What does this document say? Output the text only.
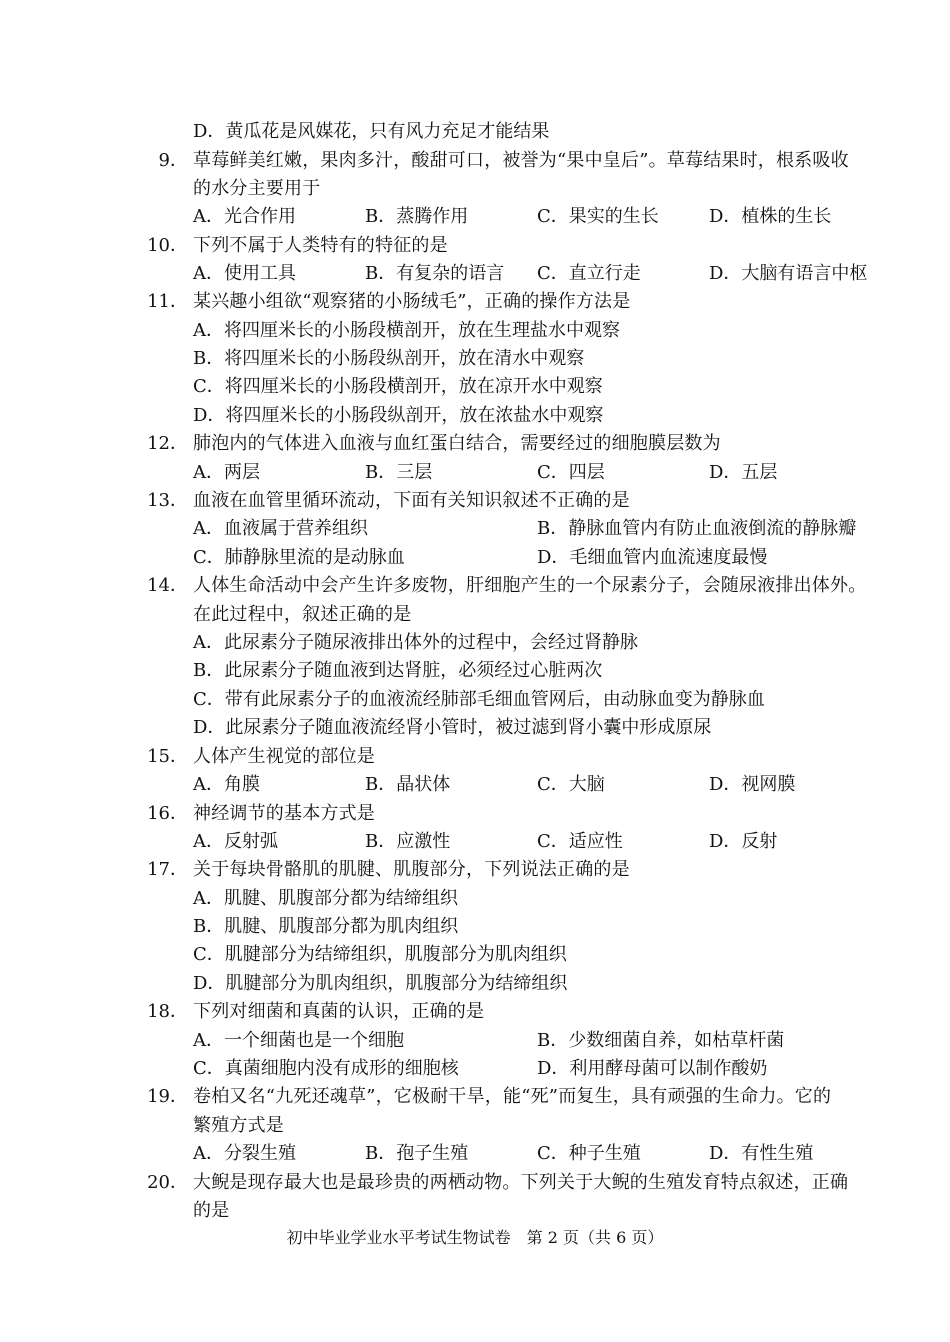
D．黄瓜花是风媒花，只有风力充足才能结果
9． 草莓鲜美红嫩，果肉多汁，酸甜可口，被誉为“果中皇后”。草莓结果时，根系吸收
的水分主要用于
A．光合作用	B．蒸腾作用	C．果实的生长	D．植株的生长
10． 下列不属于人类特有的特征的是
A．使用工具	B．有复杂的语言 C．直立行走	D．大脑有语言中枢
11． 某兴趣小组欲“观察猪的小肠绒毛”，正确的操作方法是
A．将四厘米长的小肠段横剖开，放在生理盐水中观察
B．将四厘米长的小肠段纵剖开，放在清水中观察
C．将四厘米长的小肠段横剖开，放在凉开水中观察
D．将四厘米长的小肠段纵剖开，放在浓盐水中观察
12． 肺泡内的气体进入血液与血红蛋白结合，需要经过的细胞膜层数为
A．两层	B．三层	C．四层	D．五层
13． 血液在血管里循环流动，下面有关知识叙述不正确的是
A．血液属于营养组织	B．静脉血管内有防止血液倒流的静脉瓣
C．肺静脉里流的是动脉血	D．毛细血管内血流速度最慢
14． 人体生命活动中会产生许多废物，肝细胞产生的一个尿素分子，会随尿液排出体外。
在此过程中，叙述正确的是
A．此尿素分子随尿液排出体外的过程中，会经过肾静脉
B．此尿素分子随血液到达肾脏，必须经过心脏两次
C．带有此尿素分子的血液流经肺部毛细血管网后，由动脉血变为静脉血
D．此尿素分子随血液流经肾小管时，被过滤到肾小囊中形成原尿
15． 人体产生视觉的部位是
A．角膜	B．晶状体	C．大脑	D．视网膜
16． 神经调节的基本方式是
A．反射弧	B．应激性	C．适应性	D．反射
17． 关于每块骨骼肌的肌腱、肌腹部分，下列说法正确的是
A．肌腱、肌腹部分都为结缔组织
B．肌腱、肌腹部分都为肌肉组织
C．肌腱部分为结缔组织，肌腹部分为肌肉组织
D．肌腱部分为肌肉组织，肌腹部分为结缔组织
18． 下列对细菌和真菌的认识，正确的是
A．一个细菌也是一个细胞	B．少数细菌自养，如枯草杆菌
C．真菌细胞内没有成形的细胞核	D．利用酵母菌可以制作酸奶
19． 卷柏又名“九死还魂草”，它极耐干旱，能“死”而复生，具有顽强的生命力。它的
繁殖方式是
A．分裂生殖	B．孢子生殖	C．种子生殖	D．有性生殖
20． 大鲵是现存最大也是最珍贵的两栖动物。下列关于大鲵的生殖发育特点叙述，正确
的是
初中毕业学业水平考试生物试卷　第 2 页（共 6 页）
